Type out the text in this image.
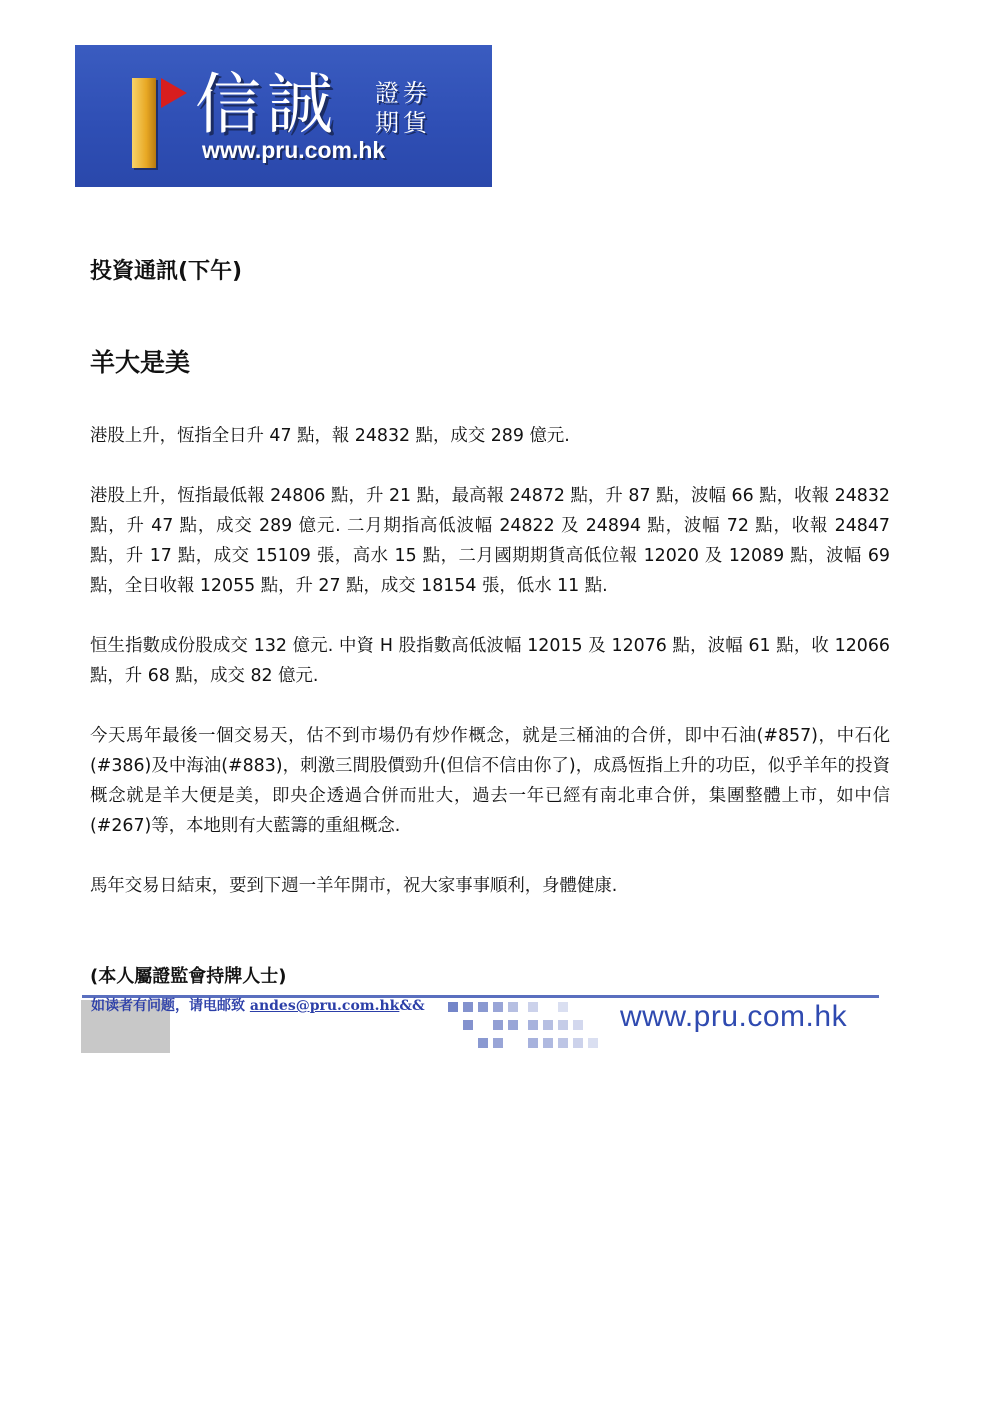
信誠 證券
期貨
www.pru.com.hk
投資通訊(下午)
羊大是美

港股上升，恆指全日升 47 點，報 24832 點，成交 289 億元.

港股上升，恆指最低報 24806 點，升 21 點，最高報 24872 點，升 87 點，波幅 66 點，收報 24832 點，升 47 點，成交 289 億元. 二月期指高低波幅 24822 及 24894 點，波幅 72 點，收報 24847 點，升 17 點，成交 15109 張，高水 15 點，二月國期期貨高低位報 12020 及 12089 點，波幅 69 點，全日收報 12055 點，升 27 點，成交 18154 張，低水 11 點.

恒生指數成份股成交 132 億元. 中資 H 股指數高低波幅 12015 及 12076 點，波幅 61 點，收 12066 點，升 68 點，成交 82 億元.

今天馬年最後一個交易天，估不到市場仍有炒作概念，就是三桶油的合併，即中石油(#857)，中石化(#386)及中海油(#883)，刺激三間股價勁升(但信不信由你了)，成爲恆指上升的功臣，似乎羊年的投資概念就是羊大便是美，即央企透過合併而壯大，過去一年已經有南北車合併，集團整體上市，如中信(#267)等，本地則有大藍籌的重組概念.

馬年交易日結束，要到下週一羊年開市，祝大家事事順利，身體健康.

(本人屬證監會持牌人士)
如读者有问题，请电邮致 andes@pru.com.hk&&	www.pru.com.hk
